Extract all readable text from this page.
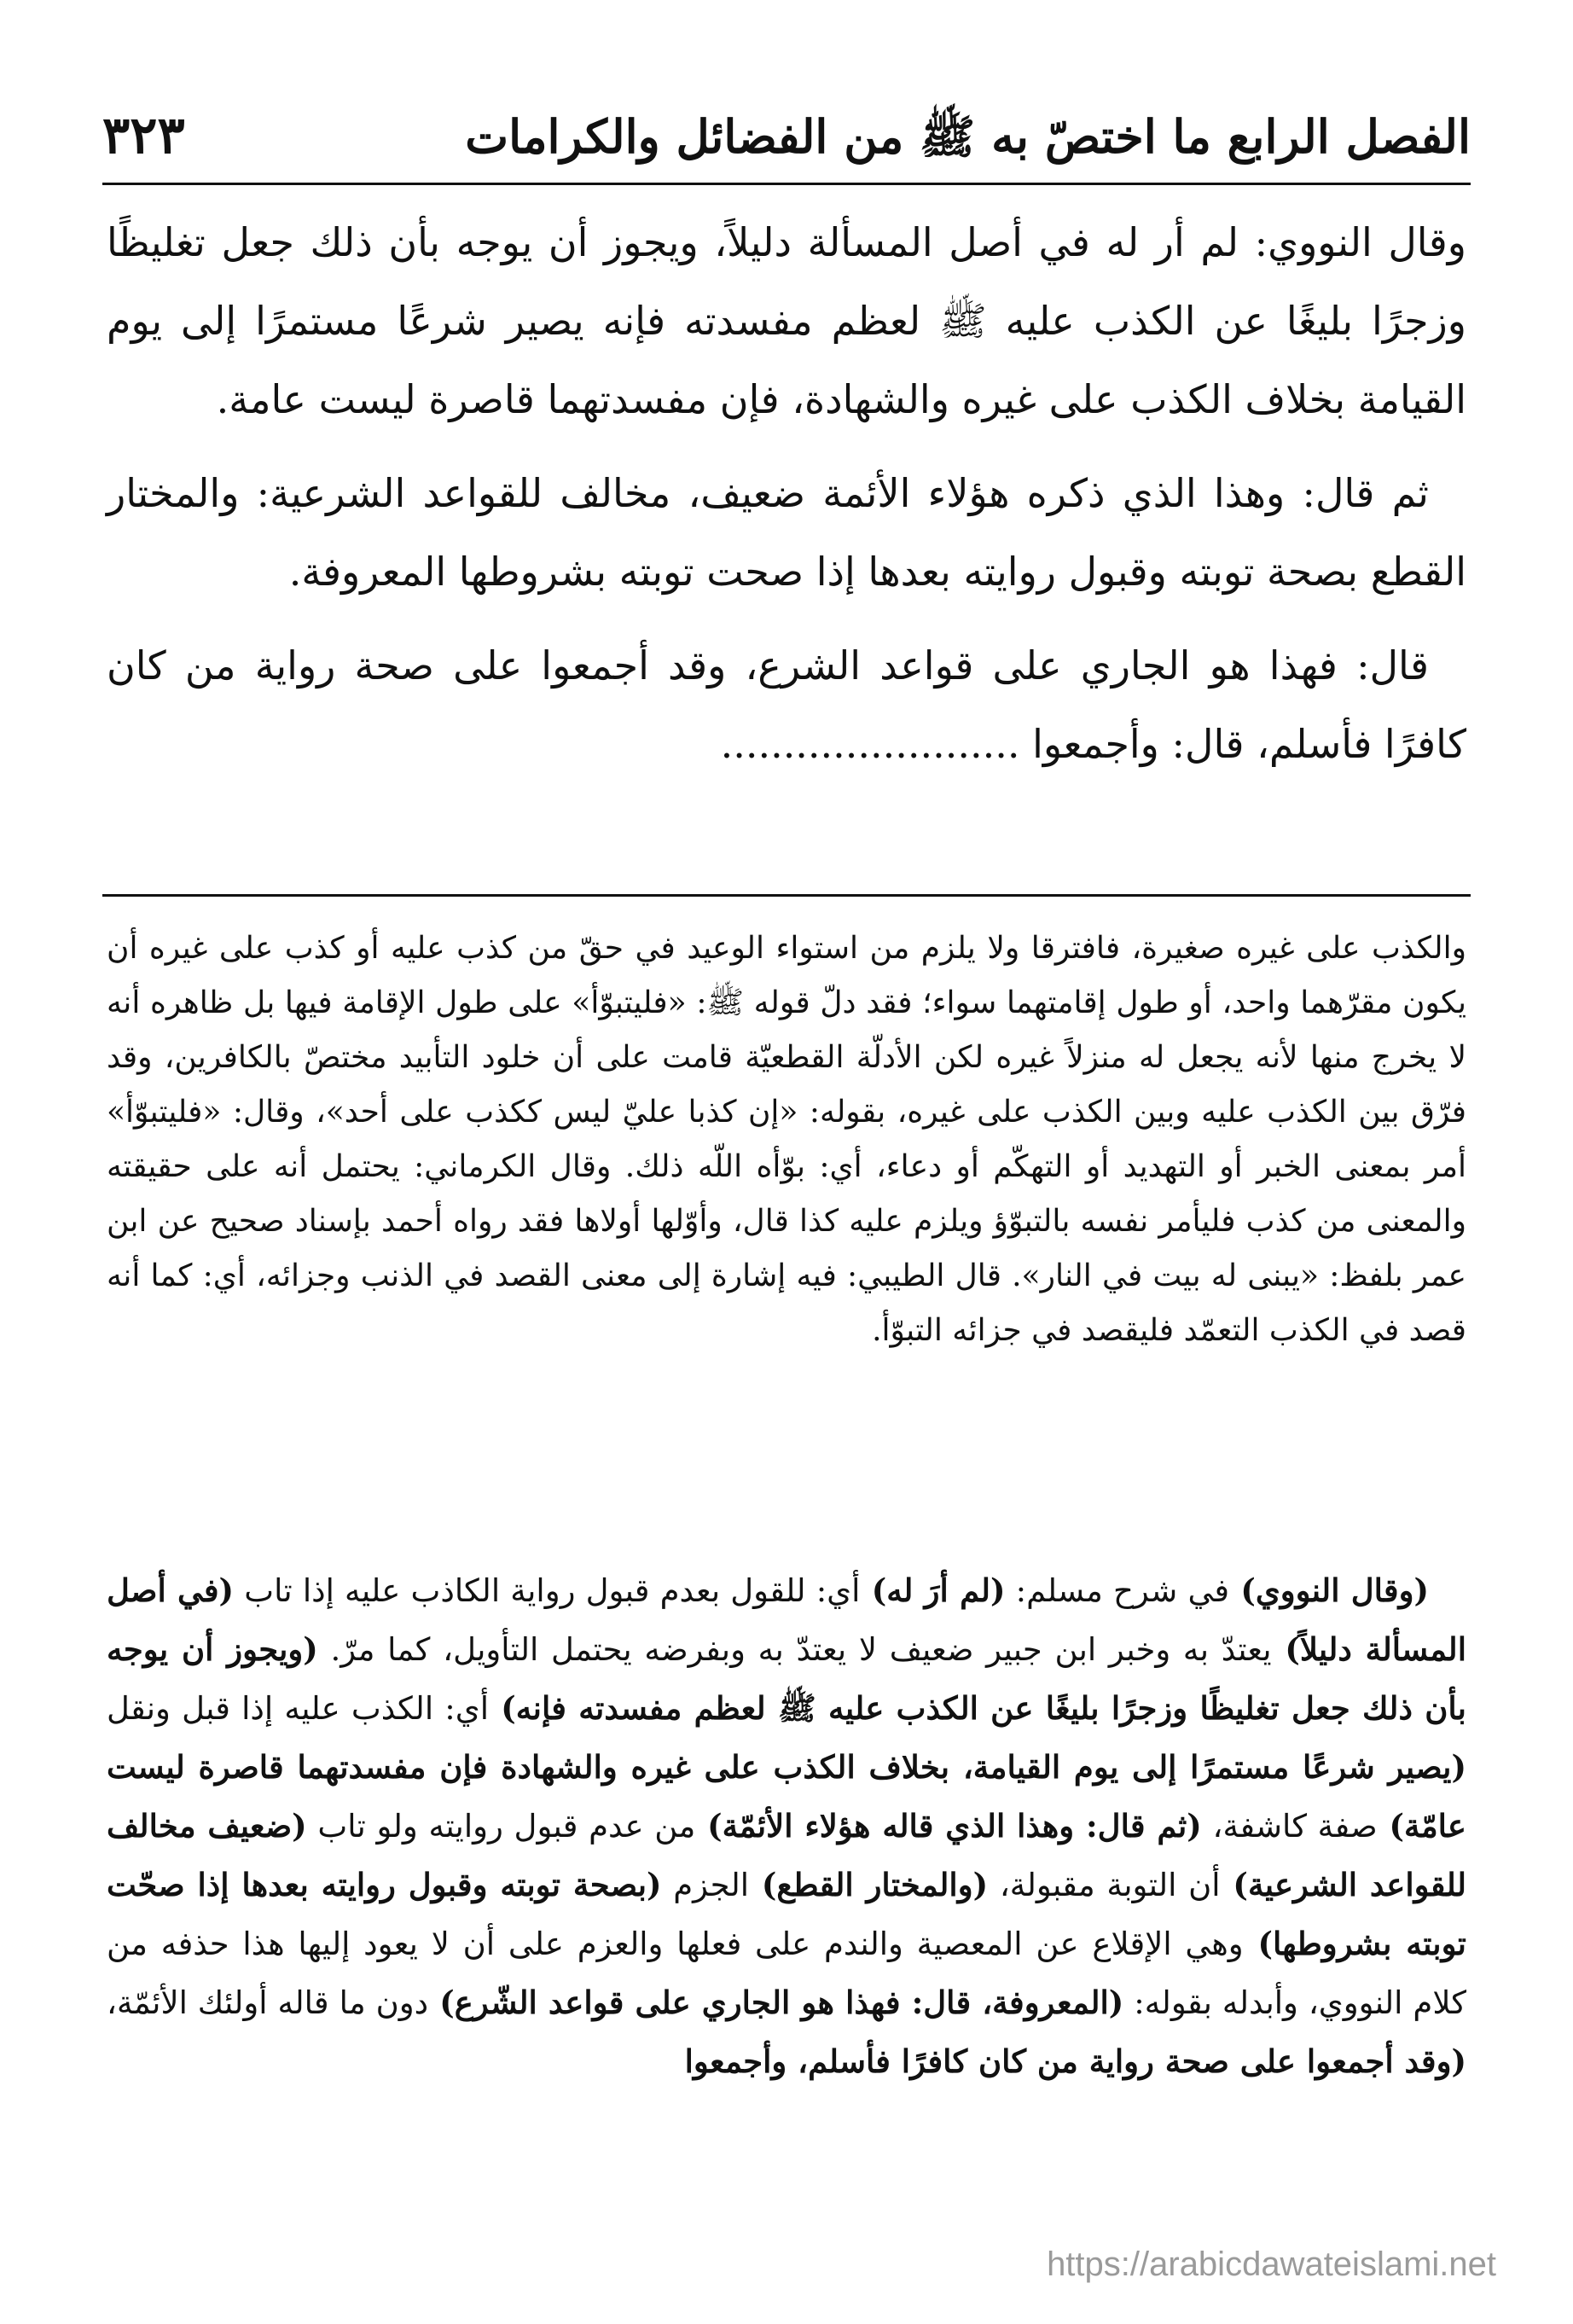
الفصل الرابع ما اختصّ به ﷺ من الفضائل والكرامات
٣٢٣

وقال النووي: لم أر له في أصل المسألة دليلاً، ويجوز أن يوجه بأن ذلك جعل تغليظًا وزجرًا بليغًا عن الكذب عليه ﷺ لعظم مفسدته فإنه يصير شرعًا مستمرًا إلى يوم القيامة بخلاف الكذب على غيره والشهادة، فإن مفسدتهما قاصرة ليست عامة.

ثم قال: وهذا الذي ذكره هؤلاء الأئمة ضعيف، مخالف للقواعد الشرعية: والمختار القطع بصحة توبته وقبول روايته بعدها إذا صحت توبته بشروطها المعروفة.

قال: فهذا هو الجاري على قواعد الشرع، وقد أجمعوا على صحة رواية من كان كافرًا فأسلم، قال: وأجمعوا ........................

والكذب على غيره صغيرة، فافترقا ولا يلزم من استواء الوعيد في حقّ من كذب عليه أو كذب على غيره أن يكون مقرّهما واحد، أو طول إقامتهما سواء؛ فقد دلّ قوله ﷺ: «فليتبوّأ» على طول الإقامة فيها بل ظاهره أنه لا يخرج منها لأنه يجعل له منزلاً غيره لكن الأدلّة القطعيّة قامت على أن خلود التأبيد مختصّ بالكافرين، وقد فرّق بين الكذب عليه وبين الكذب على غيره، بقوله: «إن كذبا عليّ ليس ككذب على أحد»، وقال: «فليتبوّأ» أمر بمعنى الخبر أو التهديد أو التهكّم أو دعاء، أي: بوّأه اللّه ذلك. وقال الكرماني: يحتمل أنه على حقيقته والمعنى من كذب فليأمر نفسه بالتبوّؤ ويلزم عليه كذا قال، وأوّلها أولاها فقد رواه أحمد بإسناد صحيح عن ابن عمر بلفظ: «يبنى له بيت في النار». قال الطيبي: فيه إشارة إلى معنى القصد في الذنب وجزائه، أي: كما أنه قصد في الكذب التعمّد فليقصد في جزائه التبوّأ.

(وقال النووي) في شرح مسلم: (لم أرَ له) أي: للقول بعدم قبول رواية الكاذب عليه إذا تاب (في أصل المسألة دليلاً) يعتدّ به وخبر ابن جبير ضعيف لا يعتدّ به وبفرضه يحتمل التأويل، كما مرّ. (ويجوز أن يوجه بأن ذلك جعل تغليظًا وزجرًا بليغًا عن الكذب عليه ﷺ لعظم مفسدته فإنه) أي: الكذب عليه إذا قبل ونقل (يصير شرعًا مستمرًا إلى يوم القيامة، بخلاف الكذب على غيره والشهادة فإن مفسدتهما قاصرة ليست عامّة) صفة كاشفة، (ثم قال: وهذا الذي قاله هؤلاء الأئمّة) من عدم قبول روايته ولو تاب (ضعيف مخالف للقواعد الشرعية) أن التوبة مقبولة، (والمختار القطع) الجزم (بصحة توبته وقبول روايته بعدها إذا صحّت توبته بشروطها) وهي الإقلاع عن المعصية والندم على فعلها والعزم على أن لا يعود إليها هذا حذفه من كلام النووي، وأبدله بقوله: (المعروفة، قال: فهذا هو الجاري على قواعد الشّرع) دون ما قاله أولئك الأئمّة، (وقد أجمعوا على صحة رواية من كان كافرًا فأسلم، وأجمعوا

https://arabicdawateislami.net
